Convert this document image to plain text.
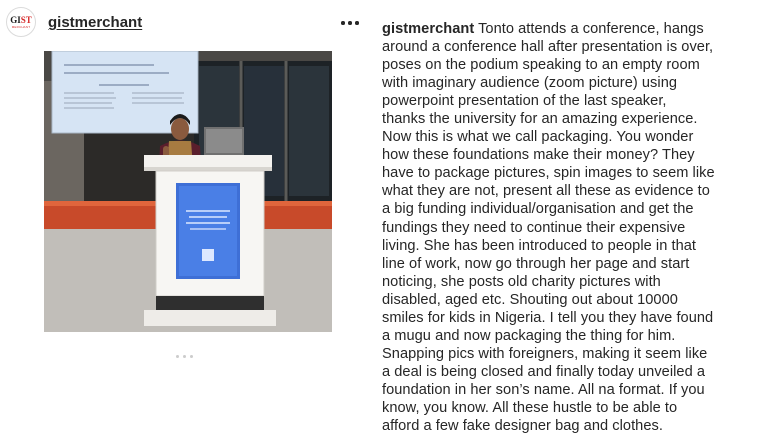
GIST
MERCHANT gistmerchant	gistmerchant Tonto attends a conference, hangs
around a conference hall after presentation is over,
poses on the podium speaking to an empty room
with imaginary audience (zoom picture) using
powerpoint presentation of the last speaker,
thanks the university for an amazing experience.
Now this is what we call packaging. You wonder
how these foundations make their money? They
have to package pictures, spin images to seem like
what they are not, present all these as evidence to
a big funding individual/organisation and get the
fundings they need to continue their expensive
living. She has been introduced to people in that
line of work, now go through her page and start
noticing, she posts old charity pictures with
disabled, aged etc. Shouting out about 10000
smiles for kids in Nigeria. I tell you they have found
a mugu and now packaging the thing for him.
Snapping pics with foreigners, making it seem like
a deal is being closed and finally today unveiled a
foundation in her son’s name. All na format. If you
know, you know. All these hustle to be able to
afford a few fake designer bag and clothes.
